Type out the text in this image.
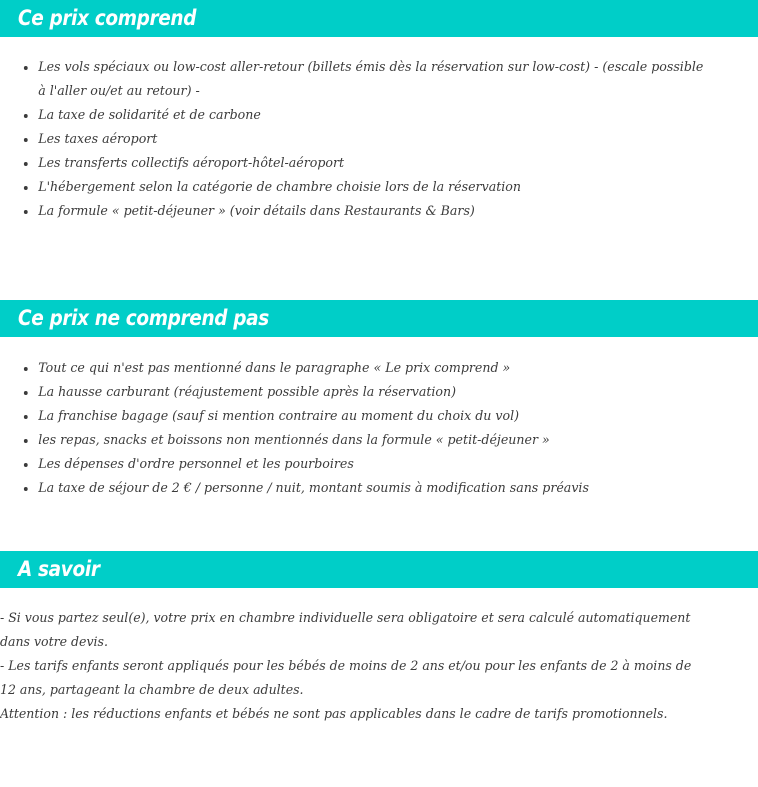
Ce prix comprend
Les vols spéciaux ou low-cost aller-retour (billets émis dès la réservation sur low-cost) - (escale possible à l'aller ou/et au retour) -
La taxe de solidarité et de carbone
Les taxes aéroport
Les transferts collectifs aéroport-hôtel-aéroport
L'hébergement selon la catégorie de chambre choisie lors de la réservation
La formule « petit-déjeuner » (voir détails dans Restaurants & Bars)
Ce prix ne comprend pas
Tout ce qui n'est pas mentionné dans le paragraphe « Le prix comprend »
La hausse carburant (réajustement possible après la réservation)
La franchise bagage (sauf si mention contraire au moment du choix du vol)
les repas, snacks et boissons non mentionnés dans la formule « petit-déjeuner »
Les dépenses d'ordre personnel et les pourboires
La taxe de séjour de 2 € / personne / nuit, montant soumis à modification sans préavis
A savoir

- Si vous partez seul(e), votre prix en chambre individuelle sera obligatoire et sera calculé automatiquement dans votre devis.

- Les tarifs enfants seront appliqués pour les bébés de moins de 2 ans et/ou pour les enfants de 2 à moins de 12 ans, partageant la chambre de deux adultes.

Attention : les réductions enfants et bébés ne sont pas applicables dans le cadre de tarifs promotionnels.
